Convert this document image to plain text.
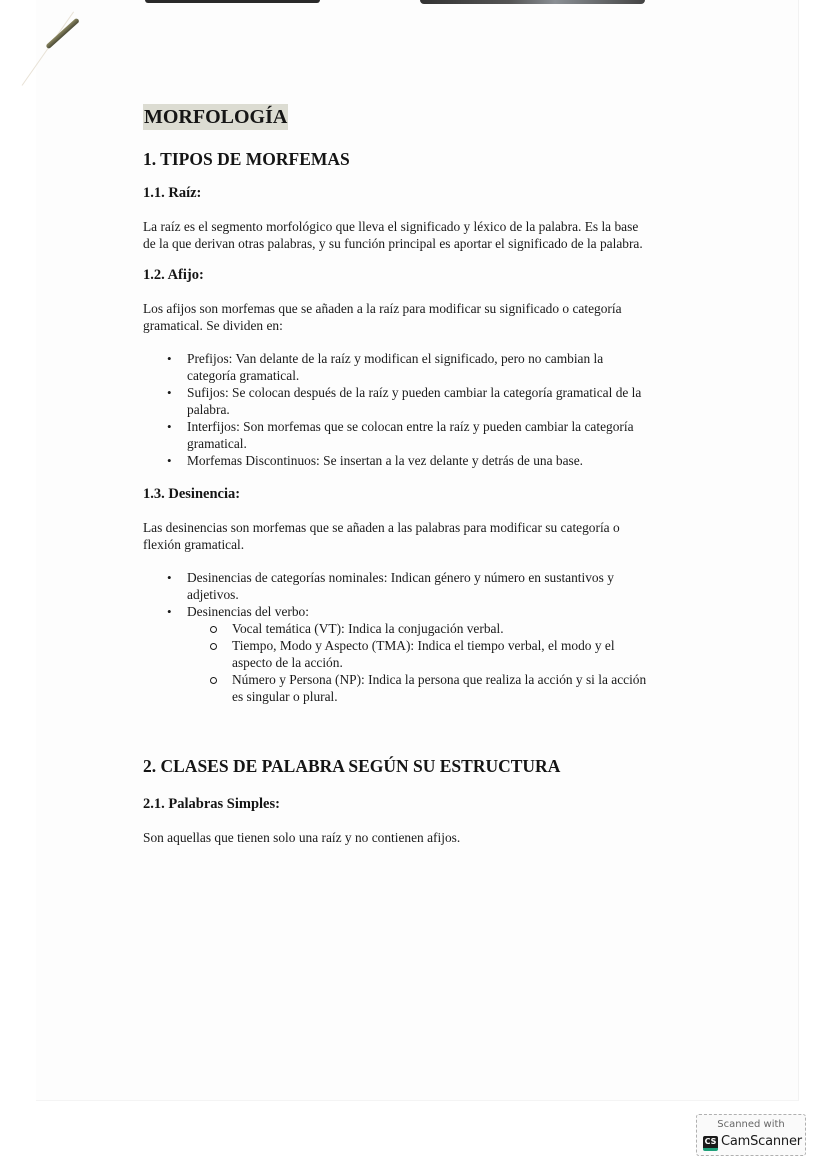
MORFOLOGÍA
1. TIPOS DE MORFEMAS
1.1. Raíz:

La raíz es el segmento morfológico que lleva el significado y léxico de la palabra. Es la base de la que derivan otras palabras, y su función principal es aportar el significado de la palabra.

1.2. Afijo:

Los afijos son morfemas que se añaden a la raíz para modificar su significado o categoría gramatical. Se dividen en:

• Prefijos: Van delante de la raíz y modifican el significado, pero no cambian la categoría gramatical.
• Sufijos: Se colocan después de la raíz y pueden cambiar la categoría gramatical de la palabra.
• Interfijos: Son morfemas que se colocan entre la raíz y pueden cambiar la categoría gramatical.
• Morfemas Discontinuos: Se insertan a la vez delante y detrás de una base.
1.3. Desinencia:

Las desinencias son morfemas que se añaden a las palabras para modificar su categoría o flexión gramatical.

• Desinencias de categorías nominales: Indican género y número en sustantivos y adjetivos.
• Desinencias del verbo:
Vocal temática (VT): Indica la conjugación verbal.
Tiempo, Modo y Aspecto (TMA): Indica el tiempo verbal, el modo y el aspecto de la acción.
Número y Persona (NP): Indica la persona que realiza la acción y si la acción es singular o plural.
2. CLASES DE PALABRA SEGÚN SU ESTRUCTURA
2.1. Palabras Simples:

Son aquellas que tienen solo una raíz y no contienen afijos.

Scanned with
CS CamScanner
